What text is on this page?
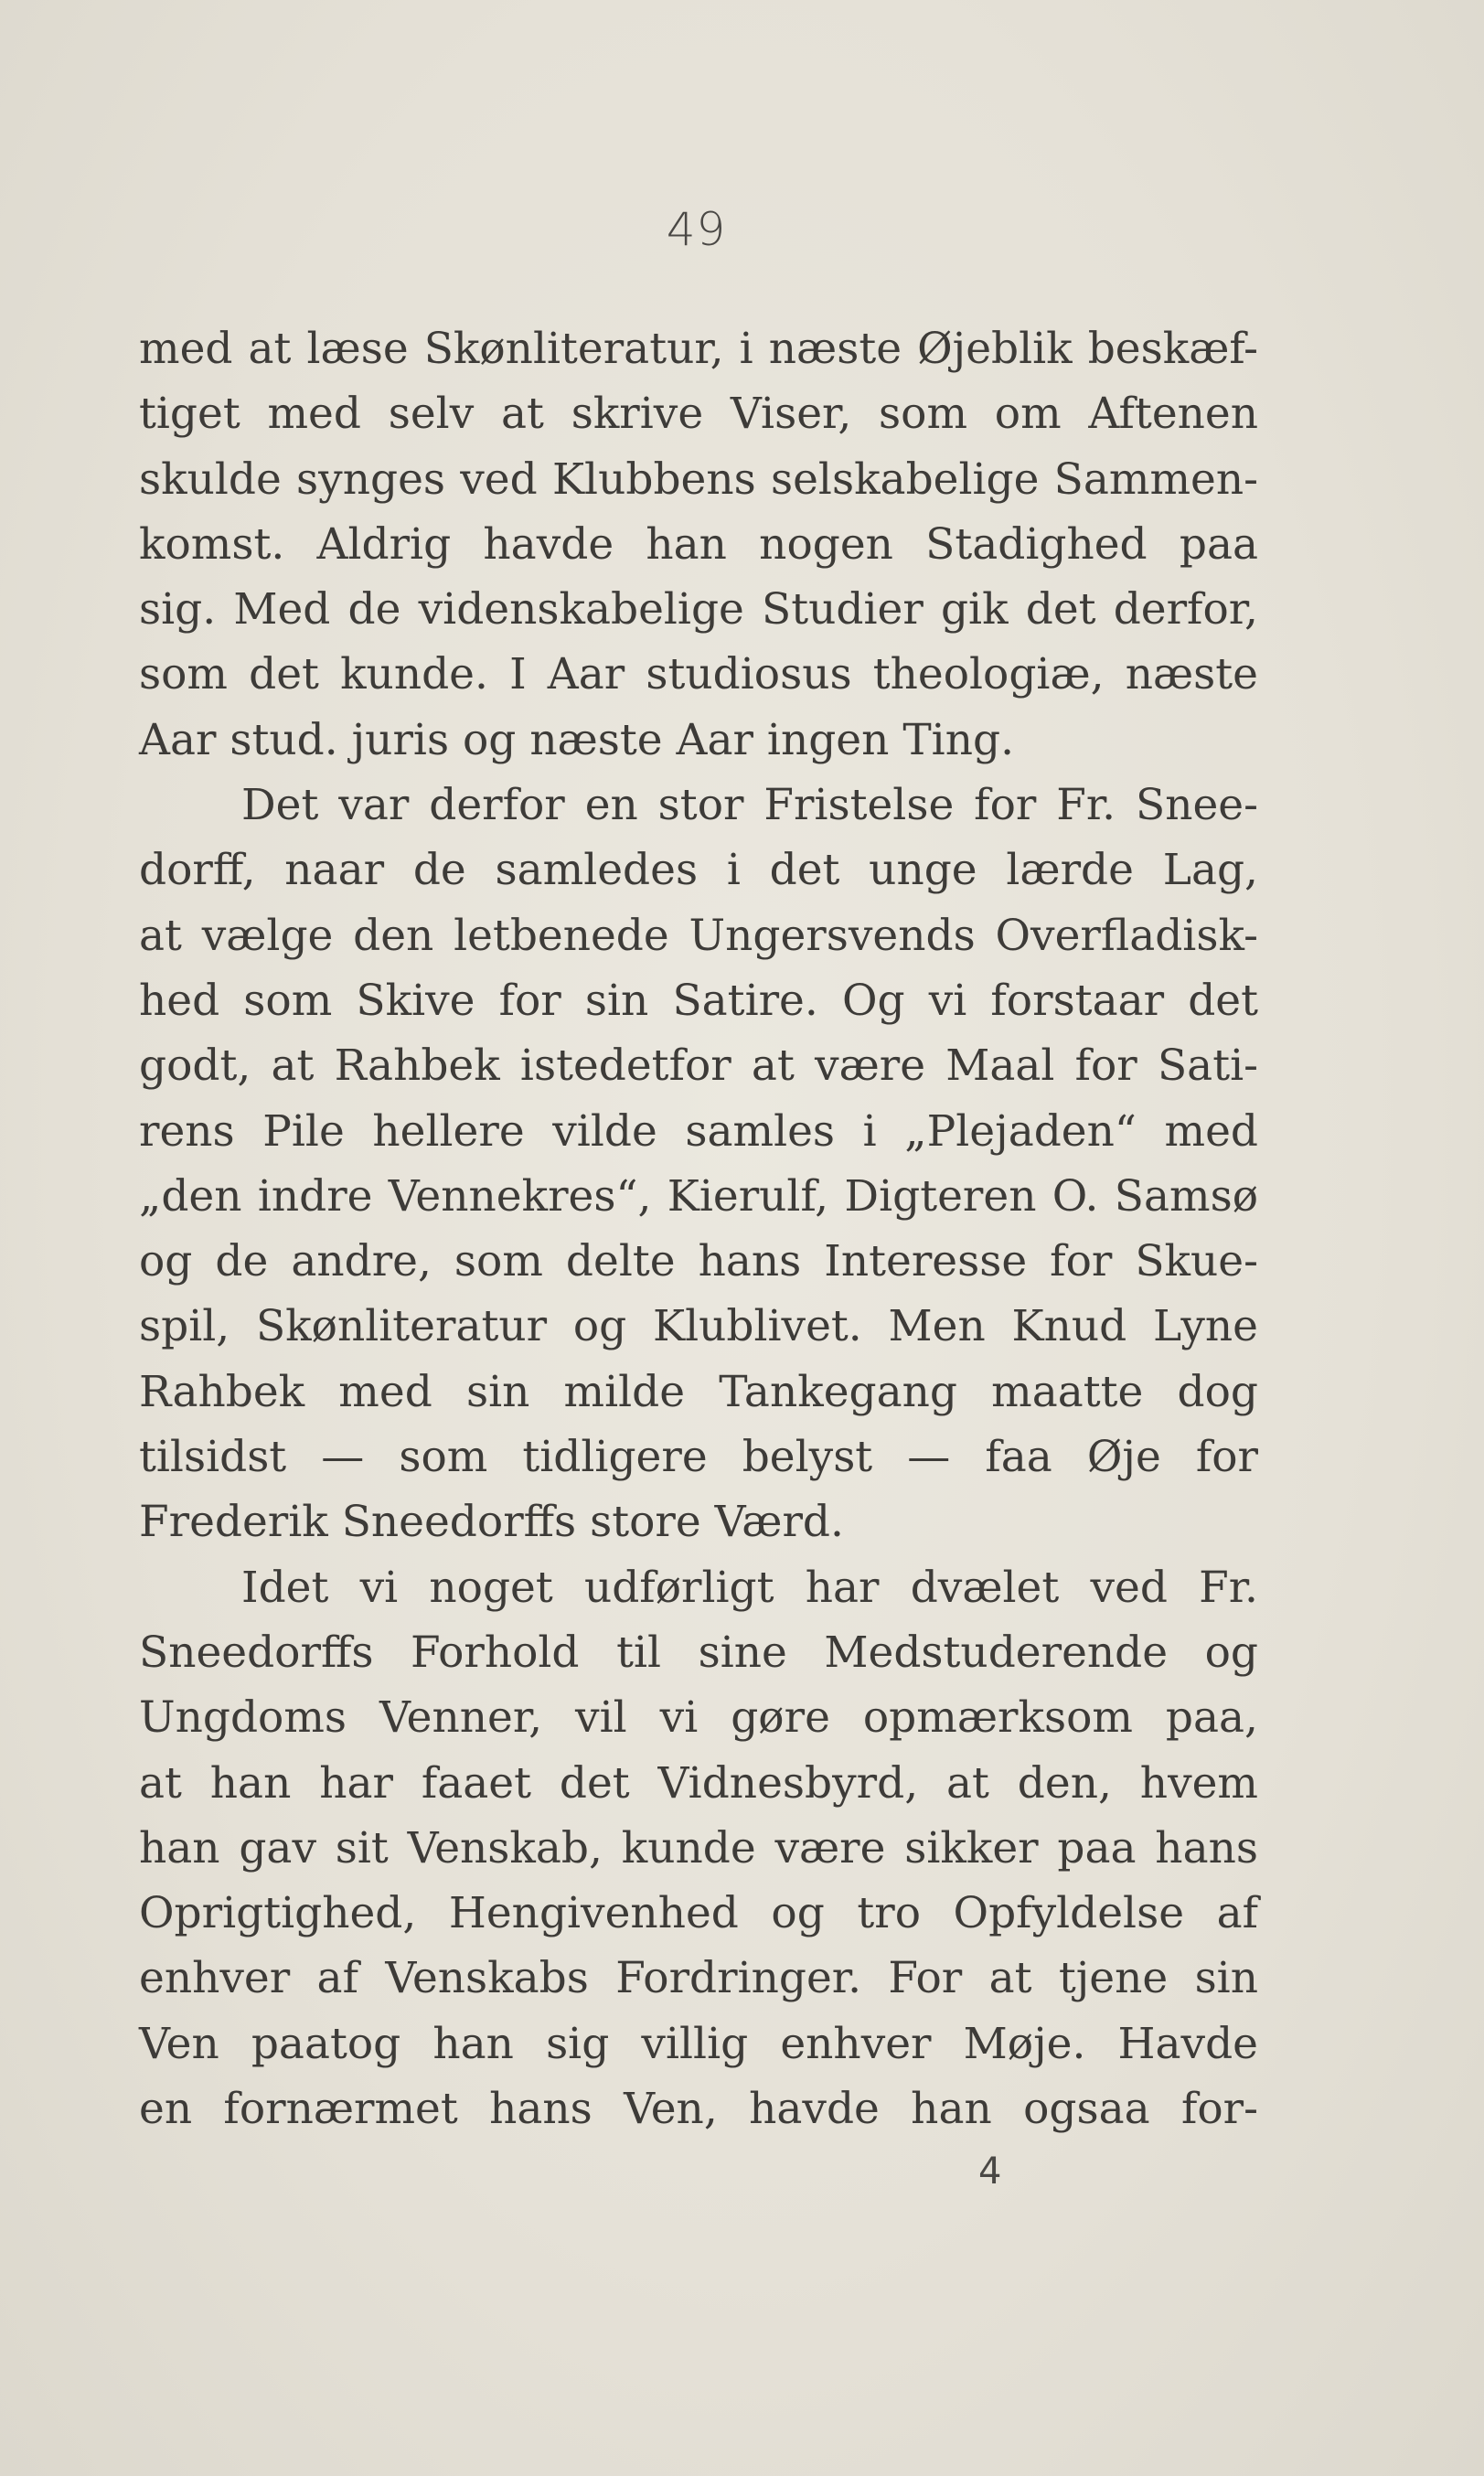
49
med at læse Skønliteratur, i næste Øjeblik beskæf-
tiget med selv at skrive Viser, som om Aftenen
skulde synges ved Klubbens selskabelige Sammen-
komst. Aldrig havde han nogen Stadighed paa
sig. Med de videnskabelige Studier gik det derfor,
som det kunde. I Aar studiosus theologiæ, næste
Aar stud. juris og næste Aar ingen Ting.
Det var derfor en stor Fristelse for Fr. Snee-
dorff, naar de samledes i det unge lærde Lag,
at vælge den letbenede Ungersvends Overfladisk-
hed som Skive for sin Satire. Og vi forstaar det
godt, at Rahbek istedetfor at være Maal for Sati-
rens Pile hellere vilde samles i „Plejaden“ med
„den indre Vennekres“, Kierulf, Digteren O. Samsø
og de andre, som delte hans Interesse for Skue-
spil, Skønliteratur og Klublivet. Men Knud Lyne
Rahbek med sin milde Tankegang maatte dog
tilsidst — som tidligere belyst — faa Øje for
Frederik Sneedorffs store Værd.
Idet vi noget udførligt har dvælet ved Fr.
Sneedorffs Forhold til sine Medstuderende og
Ungdoms Venner, vil vi gøre opmærksom paa,
at han har faaet det Vidnesbyrd, at den, hvem
han gav sit Venskab, kunde være sikker paa hans
Oprigtighed, Hengivenhed og tro Opfyldelse af
enhver af Venskabs Fordringer. For at tjene sin
Ven paatog han sig villig enhver Møje. Havde
en fornærmet hans Ven, havde han ogsaa for-
4
